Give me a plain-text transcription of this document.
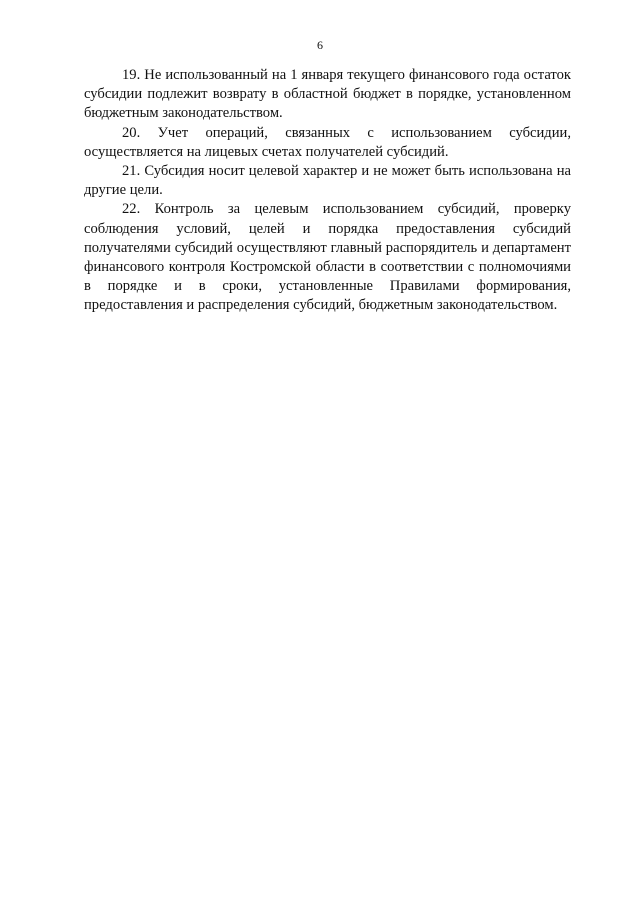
6

19. Не использованный на 1 января текущего финансового года остаток субсидии подлежит возврату в областной бюджет в порядке, установленном бюджетным законодательством.

20. Учет операций, связанных с использованием субсидии, осуществляется на лицевых счетах получателей субсидий.

21. Субсидия носит целевой характер и не может быть использована на другие цели.

22. Контроль за целевым использованием субсидий, проверку соблюдения условий, целей и порядка предоставления субсидий получателями субсидий осуществляют главный распорядитель и департамент финансового контроля Костромской области в соответствии с полномочиями в порядке и в сроки, установленные Правилами формирования, предоставления и распределения субсидий, бюджетным законодательством.
